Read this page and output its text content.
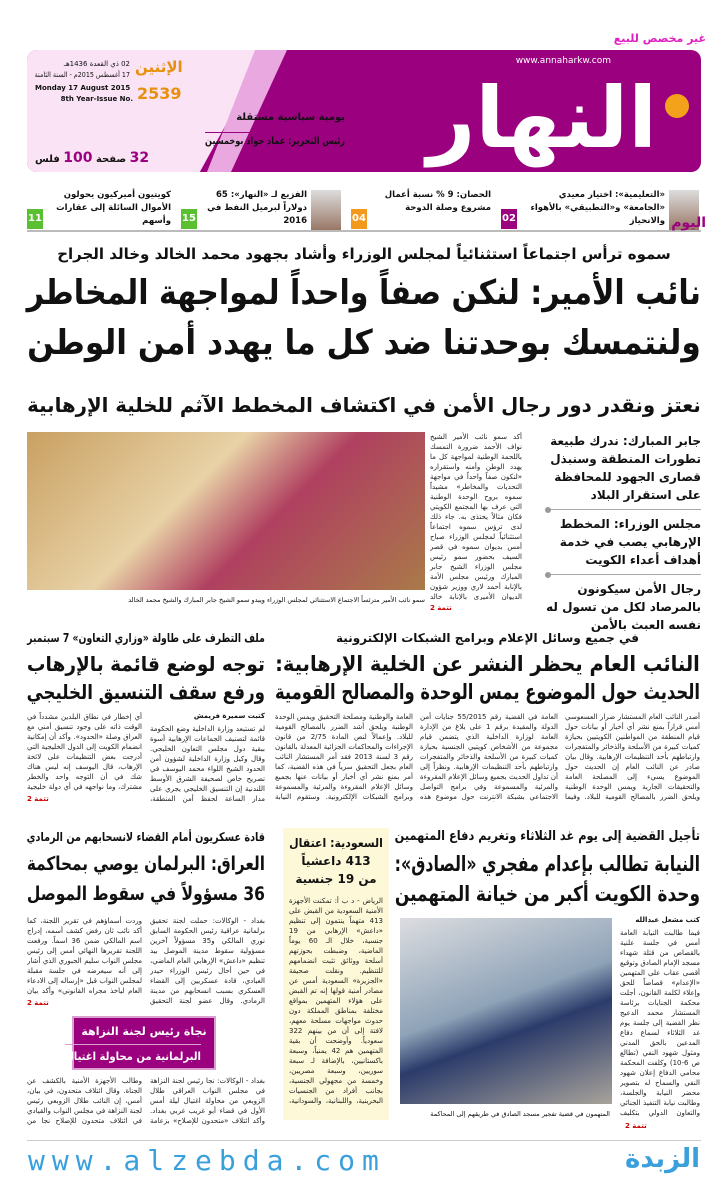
غير مخصص للبيع
www.annaharkw.com
النهار
يومية سياسية مستقلة
رئيس التحرير: عماد جواد بوخمسين
الإثنين
02 ذي القعدة 1436هـ
17 أغسطس 2015م - السنة الثامنة
Monday 17 August 2015
8th Year-Issue No. 2539
32 صفحة 100 فلس
«التعليمية»: اختيار معيدي «الجامعة» و«التطبيقي» بالأهواء والانحياز
02
الحصان: 9 % نسبة أعمال مشروع وصلة الدوحة
04
الفزيع لـ «النهار»: 65 دولاراً لبرميل النفط في 2016
15
كويتيون أميركيون يحولون الأموال السائلة إلى عقارات وأسهم
11	اليوم
سموه ترأس اجتماعاً استثنائياً لمجلس الوزراء وأشاد بجهود محمد الخالد وخالد الجراح
نائب الأمير: لنكن صفاً واحداً لمواجهة المخاطر
ولنتمسك بوحدتنا ضد كل ما يهدد أمن الوطن
نعتز ونقدر دور رجال الأمن في اكتشاف المخطط الآثم للخلية الإرهابية
أكد سمو نائب الأمير الشيخ نواف الأحمد ضرورة التمسك باللحمة الوطنية لمواجهة كل ما يهدد الوطن وأمنه واستقراره «لنكون صفاً واحداً في مواجهة التحديات والمخاطر» مشيداً سموه بروح الوحدة الوطنية التي عرف بها المجتمع الكويتي فكان مثالاً يحتذى به. جاء ذلك لدى ترؤس سموه اجتماعاً استثنائياً لمجلس الوزراء صباح أمس بديوان سموه في قصر السيف بحضور سمو رئيس مجلس الوزراء الشيخ جابر المبارك ورئيس مجلس الأمة بالإنابة أحمد لاري ووزير شؤون الديوان الأميري بالإنابة خالد
تتمة 2
سمو نائب الأمير مترئساً الاجتماع الاستثنائي لمجلس الوزراء ويبدو سمو الشيخ جابر المبارك والشيخ محمد الخالد
جابر المبارك: ندرك طبيعة تطورات المنطقة وسنبذل قصارى الجهود للمحافظة على استقرار البلاد
مجلس الوزراء: المخطط الإرهابي يصب في خدمة أهداف أعداء الكويت
رجال الأمن سيكونون بالمرصاد لكل من تسول له نفسه العبث بالأمن
في جميع وسائل الإعلام وبرامج الشبكات الإلكترونية
النائب العام يحظر النشر عن الخلية الإرهابية:
الحديث حول الموضوع يمس الوحدة والمصالح القومية
أصدر النائب العام المستشار ضرار العسعوسي أمس قراراً بمنع نشر أي أخبار أو بيانات حول قيام المنطقة من المواطنين الكويتيين بحيازة كميات كبيرة من الأسلحة والذخائر والمتفجرات وارتباطهم بأحد التنظيمات الإرهابية. وقال بيان صادر عن النائب العام إن الحديث حول الموضوع يسيء إلى المصلحة العامة والتحقيقات الجارية ويمس الوحدة الوطنية ويلحق الضرر بالمصالح القومية للبلاد. وفيما
العامة في القضية رقم 55/2015 جنايات أمن الدولة والمقيدة برقم 1 على بلاغ من الإدارة العامة لوزارة الداخلية الذي يتضمن قيام مجموعة من الأشخاص كويتيي الجنسية بحيازة كميات كبيرة من الأسلحة والذخائر والمتفجرات وارتباطهم بأحد التنظيمات الإرهابية. ونظراً إلى أن تداول الحديث بجميع وسائل الإعلام المقروءة والمرئية والمسموعة وفي برامج التواصل الاجتماعي بشبكة الانترنت حول موضوع هذه
العامة والوطنية ومصلحة التحقيق ويمس الوحدة الوطنية ويلحق أشد الضرر بالمصالح القومية للبلاد. وإعمالاً لنص المادة 2/75 من قانون الإجراءات والمحاكمات الجزائية المعدلة بالقانون رقم 3 لسنة 2013 فقد أمر المستشار النائب العام بجعل التحقيق سرياً في هذه القضية، كما أمر بمنع نشر أي أخبار أو بيانات عنها بجميع وسائل الإعلام المقروءة والمرئية والمسموعة وبرامج الشبكات الإلكترونية. وستقوم النيابة
ملف التطرف على طاولة «وزاري التعاون» 7 سبتمبر
توجه لوضع قائمة بالإرهاب
ورفع سقف التنسيق الخليجي
كتبت سميرة فريمش
لم تستبعد وزارة الداخلية وضع الحكومة قائمة لتصنيف الجماعات الإرهابية أسوة ببقية دول مجلس التعاون الخليجي. وقال وكيل وزارة الداخلية لشؤون أمن الحدود الشيخ اللواء محمد اليوسف في تصريح خاص لصحيفة الشرق الأوسط اللندنية إن التنسيق الخليجي يجري على مدار الساعة لحفظ أمن المنطقة،
أي إخطار في نطاق البلدين مشدداً في الوقت ذاته على وجود تنسيق أمني مع العراق وصلة «الحدود». وأكد أن إمكانية انضمام الكويت إلى الدول الخليجية التي أدرجت بعض التنظيمات على لائحة الإرهاب، قال اليوسف إنه ليس هناك شك في أن التوجه واحد والخطر مشترك، وما نواجهه في أي دولة خليجية
تتمة 2
تأجيل القضية إلى يوم غد الثلاثاء وتغريم دفاع المتهمين
النيابة تطالب بإعدام مفجري «الصادق»:
وحدة الكويت أكبر من خيانة المتهمين
كتب مشعل عبدالله
فيما طالبت النيابة العامة أمس في جلسة علنية بالقصاص من قتلة شهداء مسجد الإمام الصادق وتوقيع أقصى عقاب على المتهمين «الإعدام» قصاصاً للحق وإعلاء لكلمة القانون، أجلت محكمة الجنايات برئاسة المستشار محمد الدعيج نظر القضية إلى جلسة يوم غد الثلاثاء لسماع دفاع المدعين بالحق المدني ومثول شهود النفي (تطالع ص 6-10) وكلفت المحكمة محامي الدفاع إعلان شهود النفي والسماح له بتصوير محضر النيابة والجلسة، وطالبت نيابة التنفيذ الجنائي والتعاون الدولي بتكليف
المتهمون في قضية تفجير مسجد الصادق في طريقهم إلى المحاكمة
تتمة 2
السعودية: اعتقال
413 داعشياً
من 19 جنسية
الرياض - د ب أ: تمكنت الأجهزة الأمنية السعودية من القبض على 413 متهماً ينتمون إلى تنظيم «داعش» الإرهابي من 19 جنسية، خلال الـ 60 يوماً الماضية، وضبطت بحوزتهم أسلحة ووثائق تثبت انضمامهم للتنظيم. ونقلت صحيفة «الجزيرة» السعودية أمس عن مصادر أمنية قولها إنه تم القبض على هؤلاء المتهمين بمواقع مختلفة بمناطق المملكة دون حدوث مواجهات مسلحة معهم، لافتة إلى أن من بينهم 322 سعودياً. وأوضحت أن بقية المتهمين هم 42 يمنياً، وسبعة باكستانيين، بالإضافة لـ سبعة سوريين، وسبعة مصريين، وخمسة من مجهولي الجنسية، بجانب أفراد من الجنسيات البحرينية، واللبنانية، والسودانية،
قادة عسكريون أمام القضاء لانسحابهم من الرمادي
العراق: البرلمان يوصي بمحاكمة
36 مسؤولاً في سقوط الموصل
بغداد - الوكالات: حملت لجنة تحقيق برلمانية عراقية رئيس الحكومة السابق نوري المالكي و35 مسؤولاً آخرين مسؤولية سقوط مدينة الموصل بيد تنظيم «داعش» الإرهابي العام الماضي، في حين أحال رئيس الوزراء حيدر العبادي، قادة عسكريين إلى القضاء العسكري بسبب انسحابهم من مدينة الرمادي. وقال عضو لجنة التحقيق
وردت أسماؤهم في تقرير اللجنة، كما أكد نائب ثان رفض كشف أسمه، إدراج اسم المالكي ضمن 36 اسماً. ورفعت اللجنة تقريرها النهائي أمس إلى رئيس مجلس النواب سليم الجبوري الذي أشار إلى أنه سيعرضه في جلسة مقبلة لمجلس النواب قبل «إرساله إلى الادعاء العام لياخذ مجراه القانوني» وأكد بيان
تتمة 2
نجاة رئيس لجنة النزاهة
البرلمانية من محاولة اغتيال
بغداد - الوكالات: نجا رئيس لجنة النزاهة في مجلس النواب العراقي طلال الزوبعي من محاولة اغتيال ليلة أمس الأول في قضاء أبو غريب غربي بغداد. وأكد ائتلاف «متحدون للإصلاح» بزعامة
وطالب الأجهزة الأمنية بالكشف عن الجناة. وقال ائتلاف متحدون، في بيان، أمس، إن النائب طلال الزوبعي رئيس لجنة النزاهة في مجلس النواب والقيادي في ائتلاف متحدون للإصلاح نجا من
www.alzebda.com	الزبدة
